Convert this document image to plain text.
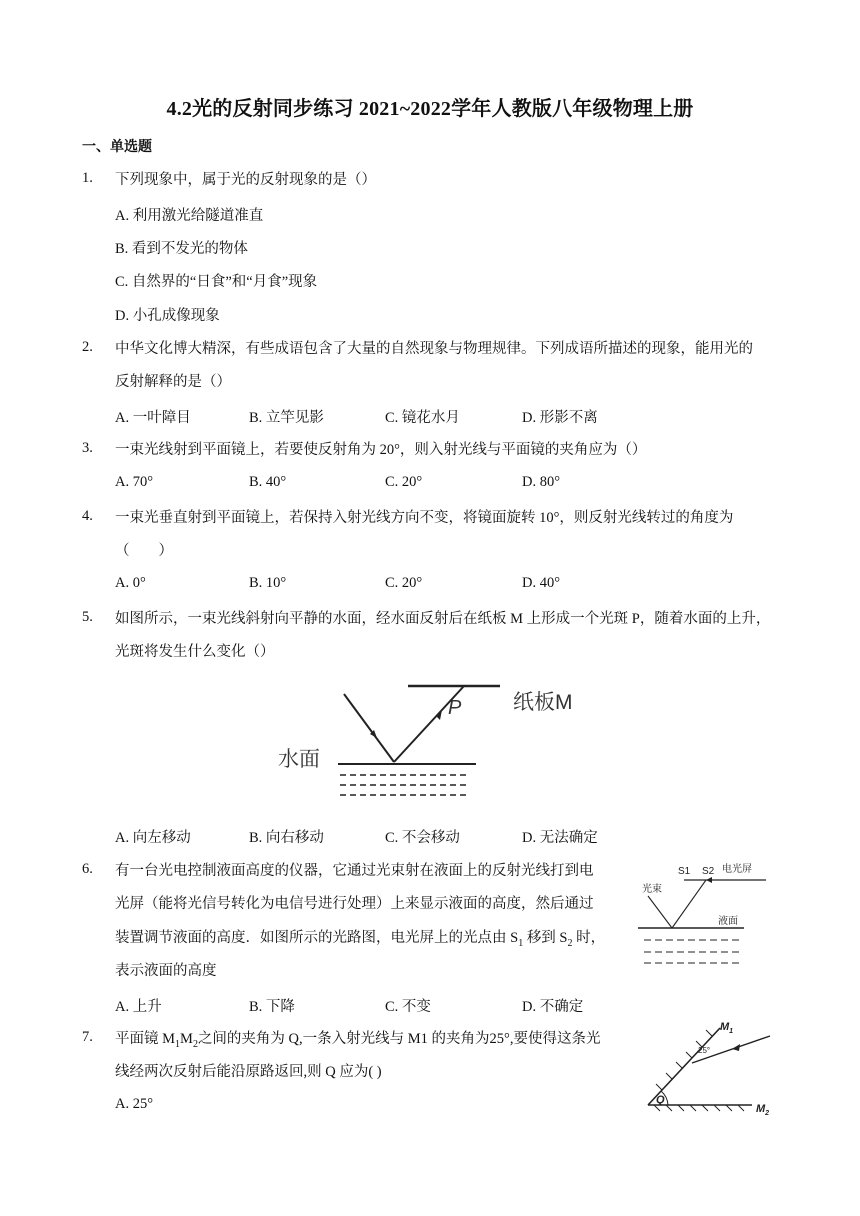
4.2光的反射同步练习 2021~2022学年人教版八年级物理上册
一、单选题
1. 下列现象中，属于光的反射现象的是（）
A. 利用激光给隧道准直
B. 看到不发光的物体
C. 自然界的“日食”和“月食”现象
D. 小孔成像现象
2. 中华文化博大精深，有些成语包含了大量的自然现象与物理规律。下列成语所描述的现象，能用光的
反射解释的是（）
A. 一叶障目	B. 立竿见影	C. 镜花水月	D. 形影不离
3. 一束光线射到平面镜上，若要使反射角为 20°，则入射光线与平面镜的夹角应为（）
A. 70°	B. 40°	C. 20°	D. 80°
4. 一束光垂直射到平面镜上，若保持入射光线方向不变，将镜面旋转 10°，则反射光线转过的角度为
（　　）
A. 0°	B. 10°	C. 20°	D. 40°
5. 如图所示，一束光线斜射向平静的水面，经水面反射后在纸板 M 上形成一个光斑 P，随着水面的上升，
光斑将发生什么变化（）
纸板M
P
水面
A. 向左移动	B. 向右移动	C. 不会移动	D. 无法确定
6. 有一台光电控制液面高度的仪器，它通过光束射在液面上的反射光线打到电
光屏（能将光信号转化为电信号进行处理）上来显示液面的高度，然后通过
装置调节液面的高度．如图所示的光路图，电光屏上的光点由 $S_1$ 移到 $S_2$ 时，
表示液面的高度
S1 S2 电光屏
光束
液面
A. 上升	B. 下降	C. 不变	D. 不确定
7. 平面镜 $M_1M_2$之间的夹角为 Q,一条入射光线与 M1 的夹角为25°,要使得这条光
线经两次反射后能沿原路返回,则 Q 应为( )
A. 25°	$M_2$
$M_1$
25°
Q
